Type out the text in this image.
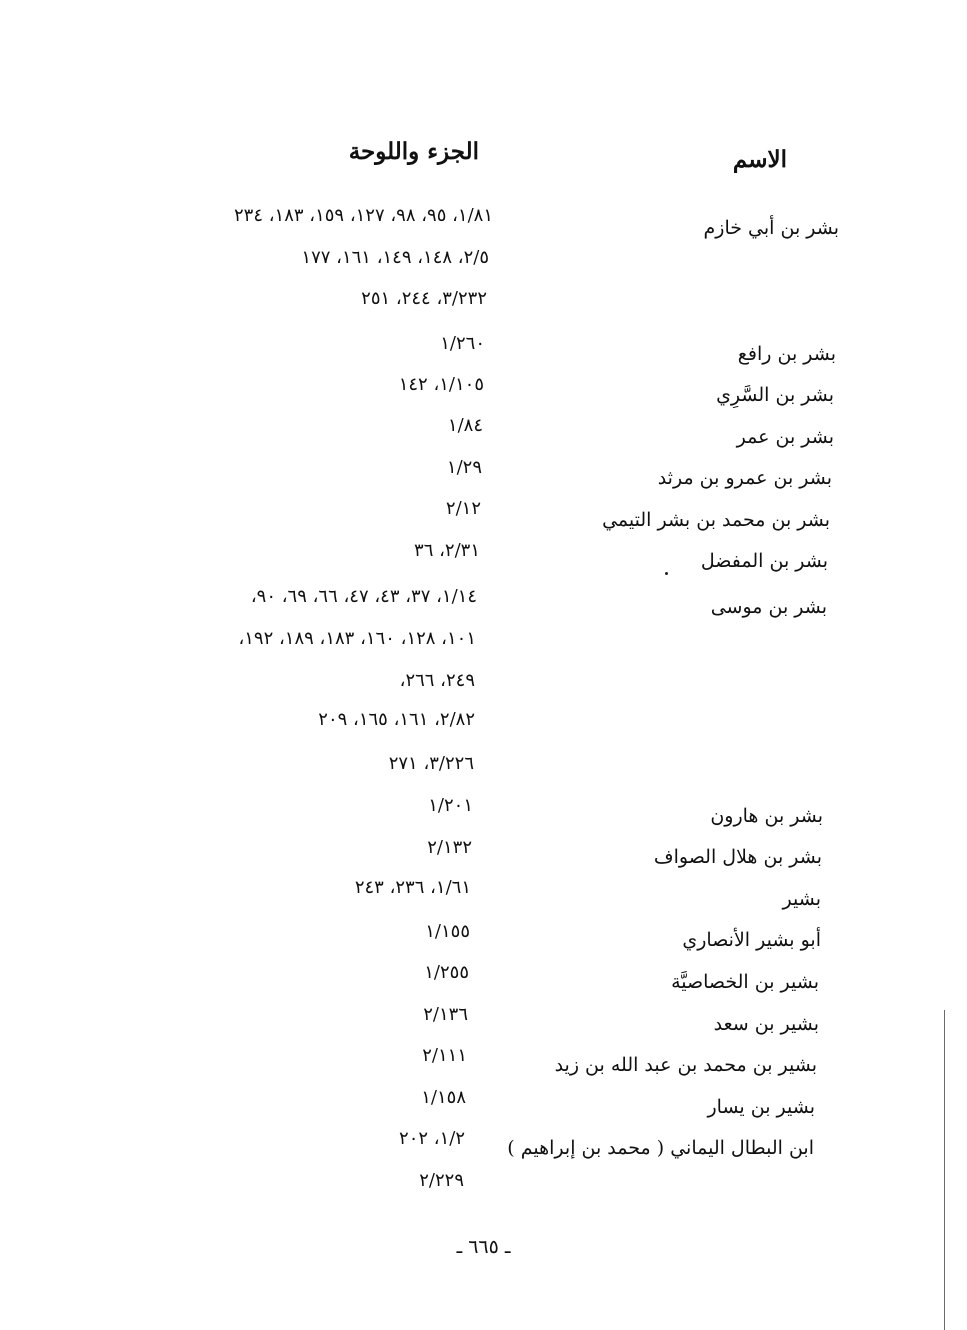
الاسم
الجزء واللوحة
بشر بن أبي خازم
بشر بن رافع
بشر بن السَّرِي
بشر بن عمر
بشر بن عمرو بن مرثد
بشر بن محمد بن بشر التيمي
بشر بن المفضل
بشر بن موسى
بشر بن هارون
بشر بن هلال الصواف
بشير
أبو بشير الأنصاري
بشير بن الخصاصيَّة
بشير بن سعد
بشير بن محمد بن عبد الله بن زيد
بشير بن يسار
ابن البطال اليماني ( محمد بن إبراهيم )
١/٨١، ٩٥، ٩٨، ١٢٧، ١٥٩، ١٨٣، ٢٣٤
٢/٥، ١٤٨، ١٤٩، ١٦١، ١٧٧
٣/٢٣٢، ٢٤٤، ٢٥١
١/٢٦٠
١/١٠٥، ١٤٢
١/٨٤
١/٢٩
٢/١٢
٢/٣١، ٣٦
١/١٤، ٣٧، ٤٣، ٤٧، ٦٦، ٦٩، ٩٠،
١٠١، ١٢٨، ١٦٠، ١٨٣، ١٨٩، ١٩٢،
٢٤٩، ٢٦٦،
٢/٨٢، ١٦١، ١٦٥، ٢٠٩
٣/٢٢٦، ٢٧١
١/٢٠١
٢/١٣٢
١/٦١، ٢٣٦، ٢٤٣
١/١٥٥
١/٢٥٥
٢/١٣٦
٢/١١١
١/١٥٨
١/٢، ٢٠٢
٢/٢٢٩
ـ ٦٦٥ ـ
